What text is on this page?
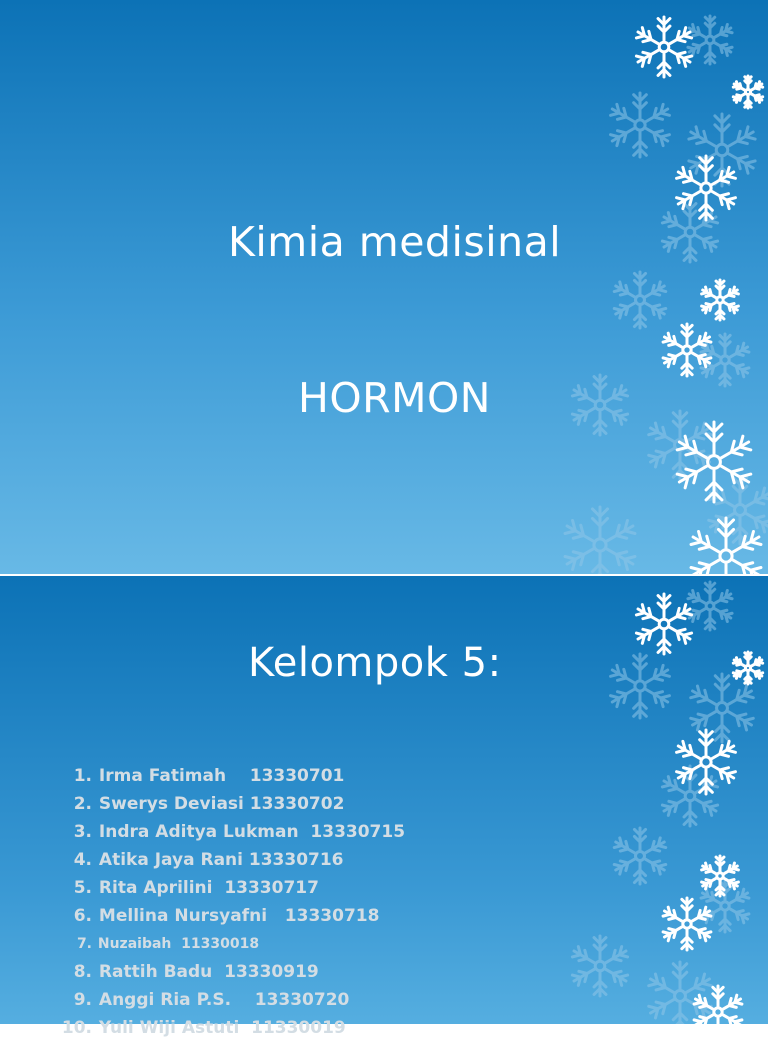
Kimia medisinal
HORMON
Kelompok 5:
1. Irma Fatimah    13330701
2. Swerys Deviasi 13330702
3. Indra Aditya Lukman  13330715
4. Atika Jaya Rani 13330716
5. Rita Aprilini  13330717
6. Mellina Nursyafni   13330718
7. Nuzaibah  11330018
8. Rattih Badu  13330919
9. Anggi Ria P.S.    13330720
10. Yuli Wiji Astuti  11330019
